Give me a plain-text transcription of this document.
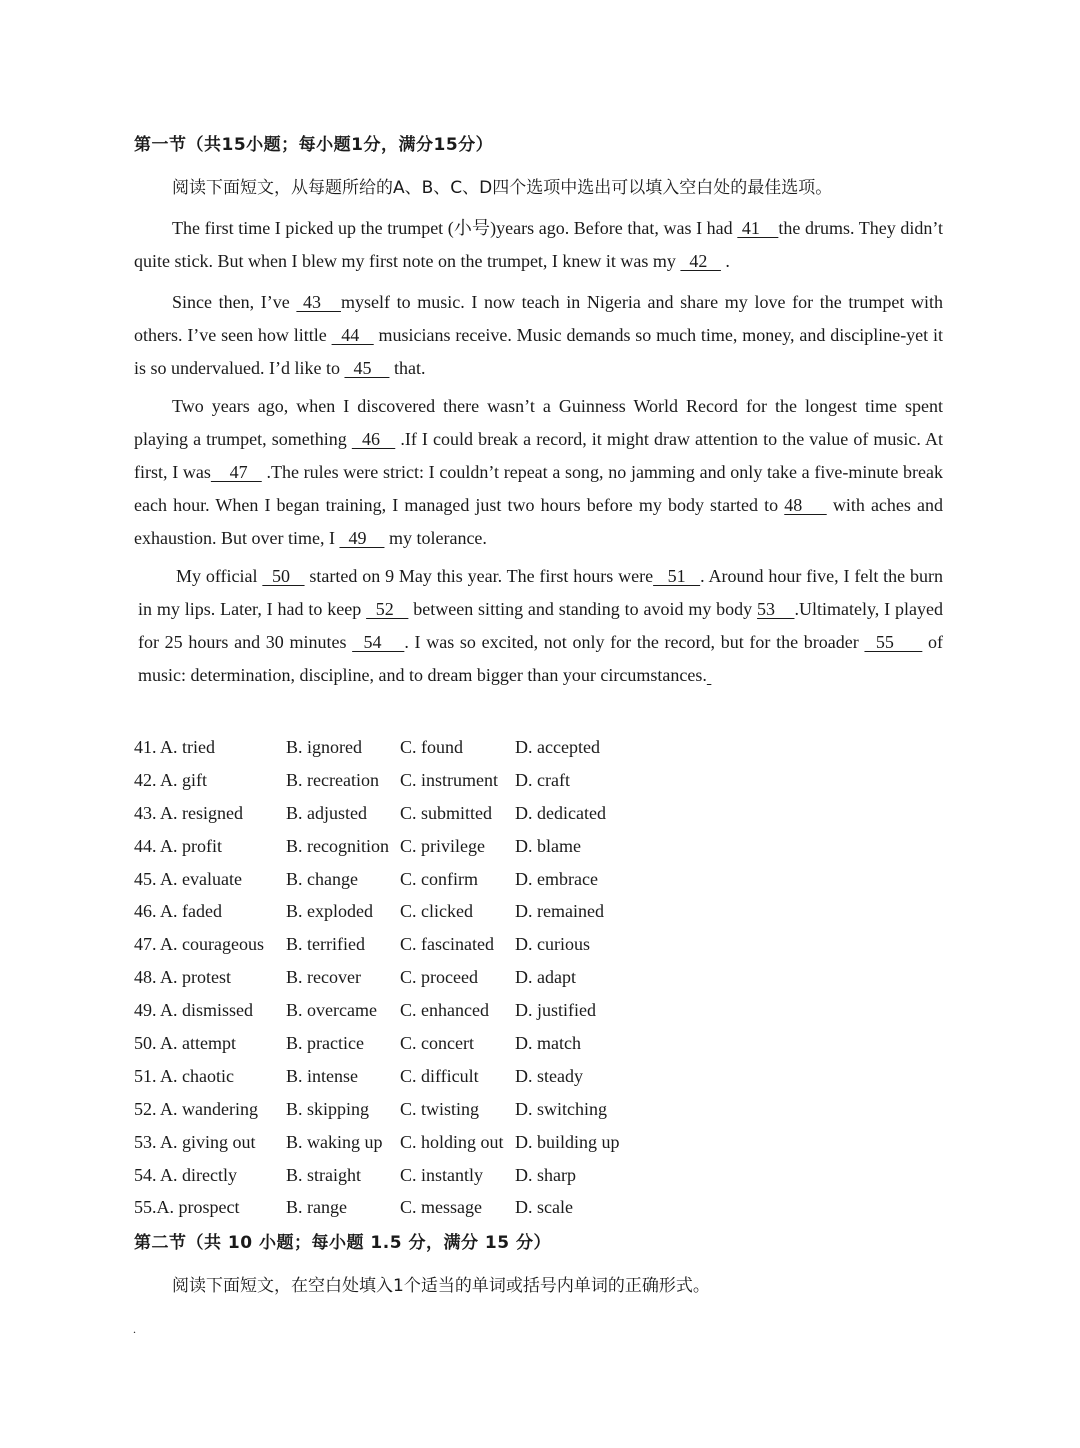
第一节（共15小题；每小题1分，满分15分）
阅读下面短文，从每题所给的A、B、C、D四个选项中选出可以填入空白处的最佳选项。
The first time I picked up the trumpet (小号)years ago. Before that, was I had  41    the drums. They didn’t quite stick. But when I blew my first note on the trumpet, I knew it was my   42    .
Since then, I’ve  43   myself to music. I now teach in Nigeria and share my love for the trumpet with others. I’ve seen how little   44    musicians receive. Music demands so much time, money, and discipline-yet it is so undervalued. I’d like to   45     that.
Two years ago, when I discovered there wasn’t a Guinness World Record for the longest time spent playing a trumpet, something   46    .If I could break a record, it might draw attention to the value of music. At first, I was    47    .The rules were strict: I couldn’t repeat a song, no jamming and only take a five-minute break each hour. When I began training, I managed just two hours before my body started to 48     with aches and exhaustion. But over time, I   49     my tolerance.
My official   50    started on 9 May this year. The first hours were   51   . Around hour five, I felt the burn in my lips. Later, I had to keep   52    between sitting and standing to avoid my body 53    .Ultimately, I played for 25 hours and 30 minutes   54    . I was so excited, not only for the record, but for the broader   55      of music: determination, discipline, and to dream bigger than your circumstances.
41. A. tried	B. ignored C. found	D. accepted
42. A. gift	B. recreation C. instrument D. craft
43. A. resigned B. adjusted C. submitted D. dedicated
44. A. profit	B. recognition C. privilege D. blame
45. A. evaluate B. change C. confirm D. embrace
46. A. faded	B. exploded C. clicked D. remained
47. A. courageous B. terrified C. fascinated D. curious
48. A. protest	B. recover C. proceed D. adapt
49. A. dismissed B. overcame C. enhanced D. justified
50. A. attempt	B. practice C. concert D. match
51. A. chaotic	B. intense C. difficult D. steady
52. A. wandering B. skipping C. twisting D. switching
53. A. giving out B. waking up C. holding out D. building up
54. A. directly	B. straight C. instantly D. sharp
55.A. prospect	B. range	C. message D. scale
第二节（共 10 小题；每小题 1.5 分，满分 15 分）
阅读下面短文，在空白处填入1个适当的单词或括号内单词的正确形式。
.
